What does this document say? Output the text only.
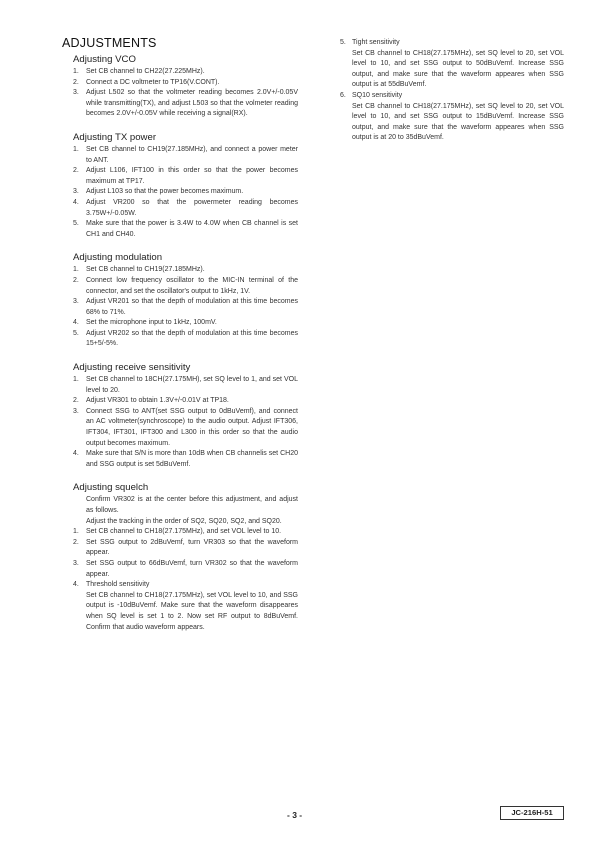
ADJUSTMENTS
Adjusting VCO

1. Set CB channel to CH22(27.225MHz).

2. Connect a DC voltmeter to TP16(V.CONT).

3. Adjust L502 so that the voltmeter reading becomes 2.0V+/-0.05V while transmitting(TX), and adjust L503 so that the volmeter reading becomes 2.0V+/-0.05V while receiving a signal(RX).

Adjusting TX power

1. Set CB channel to CH19(27.185MHz), and connect a power meter to ANT.

2. Adjust L106, IFT100 in this order so that the power becomes maximum at TP17.

3. Adjust L103 so that the power becomes maximum.

4. Adjust VR200 so that the powermeter reading becomes 3.75W+/-0.05W.

5. Make sure that the power is 3.4W to 4.0W when CB channel is set CH1 and CH40.

Adjusting modulation

1. Set CB channel to CH19(27.185MHz).

2. Connect low frequency oscillator to the MIC-IN terminal of the connector, and set the oscillator's output to 1kHz, 1V.

3. Adjust VR201 so that the depth of modulation at this time becomes 68% to 71%.

4. Set the microphone input to 1kHz, 100mV.

5. Adjust VR202 so that the depth of modulation at this time becomes 15+5/-5%.

Adjusting receive sensitivity

1. Set CB channel to 18CH(27.175MH), set SQ level to 1, and set VOL level to 20.

2. Adjust VR301 to obtain 1.3V+/-0.01V at TP18.

3. Connect SSG to ANT(set SSG output to 0dBuVemf), and connect an AC voltmeter(synchroscope) to the audio output. Adjust IFT306, IFT304, IFT301, IFT300 and L300 in this order so that the audio output becomes maximum.

4. Make sure that S/N is more than 10dB when CB channelis set CH20 and SSG output is set 5dBuVemf.

Adjusting squelch

Confirm VR302 is at the center before this adjustment, and adjust as follows.

Adjust the tracking in the order of SQ2, SQ20, SQ2, and SQ20.

1. Set CB channel to CH18(27.175MHz), and set VOL level to 10.

2. Set SSG output to 2dBuVemf, turn VR303 so that the waveform appear.

3. Set SSG output to 66dBuVemf, turn VR302 so that the waveform appear.

4. Threshold sensitivity

Set CB channel to CH18(27.175MHz), set VOL level to 10, and SSG output is -10dBuVemf. Make sure that the waveform disappeares when SQ level is set 1 to 2. Now set RF output to 8dBuVemf. Confirm that audio waveform appears.

5. Tight sensitivity

Set CB channel to CH18(27.175MHz), set SQ level to 20, set VOL level to 10, and set SSG output to 50dBuVemf. Increase SSG output, and make sure that the waveform appeares when SSG output is at 55dBuVemf.

6. SQ10 sensitivity

Set CB channel to CH18(27.175MHz), set SQ level to 20, set VOL level to 10, and set SSG output to 15dBuVemf. Increase SSG output, and make sure that the waveform appeares when SSG output is at 20 to 35dBuVemf.

- 3 -	JC-216H-51
